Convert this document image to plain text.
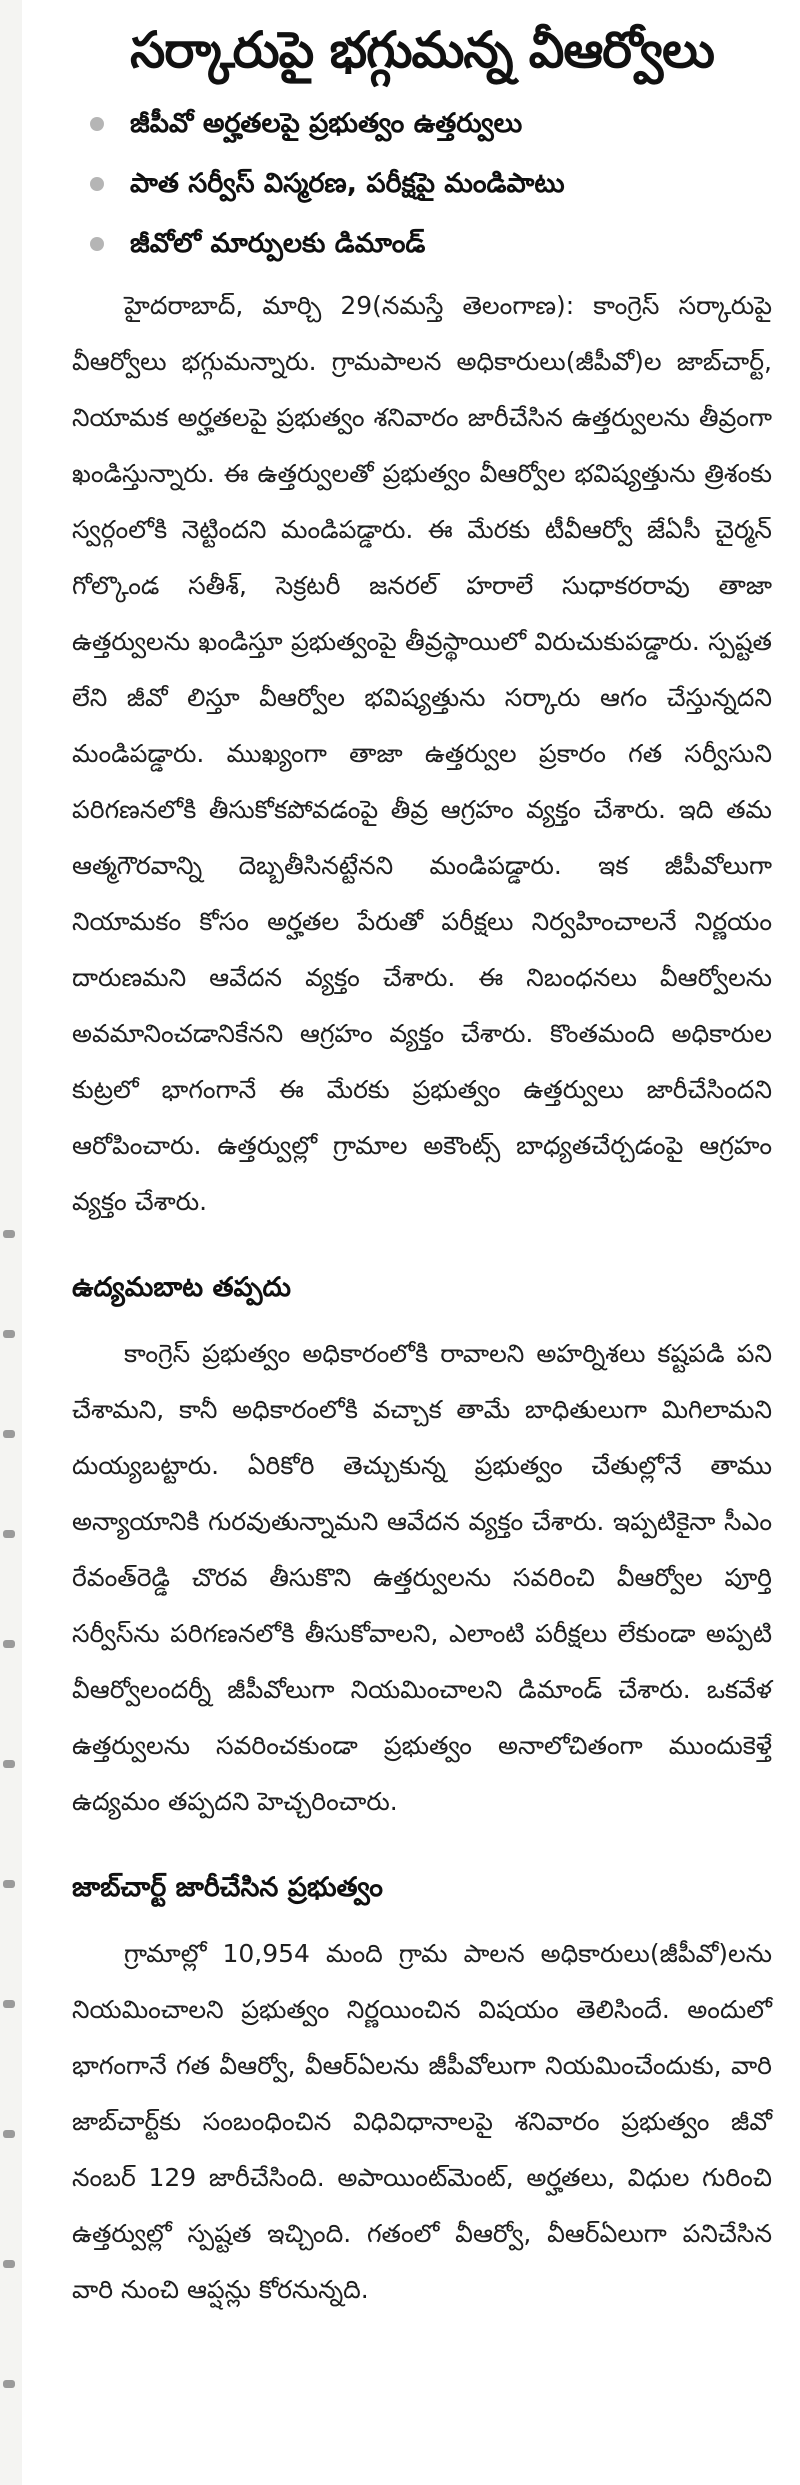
సర్కారుపై భగ్గుమన్న వీఆర్వోలు
జీపీవో అర్హతలపై ప్రభుత్వం ఉత్తర్వులు
పాత సర్వీస్ విస్మరణ, పరీక్షపై మండిపాటు
జీవోలో మార్పులకు డిమాండ్

హైదరాబాద్, మార్చి 29(నమస్తే తెలంగాణ): కాంగ్రెస్ సర్కారుపై వీఆర్వోలు భగ్గుమన్నారు. గ్రామపాలన అధికారులు(జీపీవో)ల జాబ్‌చార్ట్, నియామక అర్హతలపై ప్రభుత్వం శనివారం జారీచేసిన ఉత్తర్వులను తీవ్రంగా ఖండిస్తున్నారు. ఈ ఉత్తర్వులతో ప్రభుత్వం వీఆర్వోల భవిష్యత్తును త్రిశంకు స్వర్గంలోకి నెట్టిందని మండిపడ్డారు. ఈ మేరకు టీవీఆర్వో జేఏసీ చైర్మన్ గోల్కొండ సతీశ్, సెక్రటరీ జనరల్ హరాలే సుధాకరరావు తాజా ఉత్తర్వులను ఖండిస్తూ ప్రభుత్వంపై తీవ్రస్థాయిలో విరుచుకుపడ్డారు. స్పష్టత లేని జీవో లిస్తూ వీఆర్వోల భవిష్యత్తును సర్కారు ఆగం చేస్తున్నదని మండిపడ్డారు. ముఖ్యంగా తాజా ఉత్తర్వుల ప్రకారం గత సర్వీసుని పరిగణనలోకి తీసుకోకపోవడంపై తీవ్ర ఆగ్రహం వ్యక్తం చేశారు. ఇది తమ ఆత్మగౌరవాన్ని దెబ్బతీసినట్టేనని మండిపడ్డారు. ఇక జీపీవోలుగా నియామకం కోసం అర్హతల పేరుతో పరీక్షలు నిర్వహించాలనే నిర్ణయం దారుణమని ఆవేదన వ్యక్తం చేశారు. ఈ నిబంధనలు వీఆర్వోలను అవమానించడానికేనని ఆగ్రహం వ్యక్తం చేశారు. కొంతమంది అధికారుల కుట్రలో భాగంగానే ఈ మేరకు ప్రభుత్వం ఉత్తర్వులు జారీచేసిందని ఆరోపించారు. ఉత్తర్వుల్లో గ్రామాల అకౌంట్స్ బాధ్యతచేర్చడంపై ఆగ్రహం వ్యక్తం చేశారు.

ఉద్యమబాట తప్పదు

కాంగ్రెస్ ప్రభుత్వం అధికారంలోకి రావాలని అహర్నిశలు కష్టపడి పని చేశామని, కానీ అధికారంలోకి వచ్చాక తామే బాధితులుగా మిగిలామని దుయ్యబట్టారు. ఏరికోరి తెచ్చుకున్న ప్రభుత్వం చేతుల్లోనే తాము అన్యాయానికి గురవుతున్నామని ఆవేదన వ్యక్తం చేశారు. ఇప్పటికైనా సీఎం రేవంత్‌రెడ్డి చొరవ తీసుకొని ఉత్తర్వులను సవరించి వీఆర్వోల పూర్తి సర్వీస్‌ను పరిగణనలోకి తీసుకోవాలని, ఎలాంటి పరీక్షలు లేకుండా అప్పటి వీఆర్వోలందర్నీ జీపీవోలుగా నియమించాలని డిమాండ్ చేశారు. ఒకవేళ ఉత్తర్వులను సవరించకుండా ప్రభుత్వం అనాలోచితంగా ముందుకెళ్తే ఉద్యమం తప్పదని హెచ్చరించారు.

జాబ్‌చార్ట్ జారీచేసిన ప్రభుత్వం

గ్రామాల్లో 10,954 మంది గ్రామ పాలన అధికారులు(జీపీవో)లను నియమించాలని ప్రభుత్వం నిర్ణయించిన విషయం తెలిసిందే. అందులో భాగంగానే గత వీఆర్వో, వీఆర్‌ఏలను జీపీవోలుగా నియమించేందుకు, వారి జాబ్‌చార్ట్‌కు సంబంధించిన విధివిధానాలపై శనివారం ప్రభుత్వం జీవో నంబర్ 129 జారీచేసింది. అపాయింట్‌మెంట్, అర్హతలు, విధుల గురించి ఉత్తర్వుల్లో స్పష్టత ఇచ్చింది. గతంలో వీఆర్వో, వీఆర్‌ఏలుగా పనిచేసిన వారి నుంచి ఆప్షన్లు కోరనున్నది.
